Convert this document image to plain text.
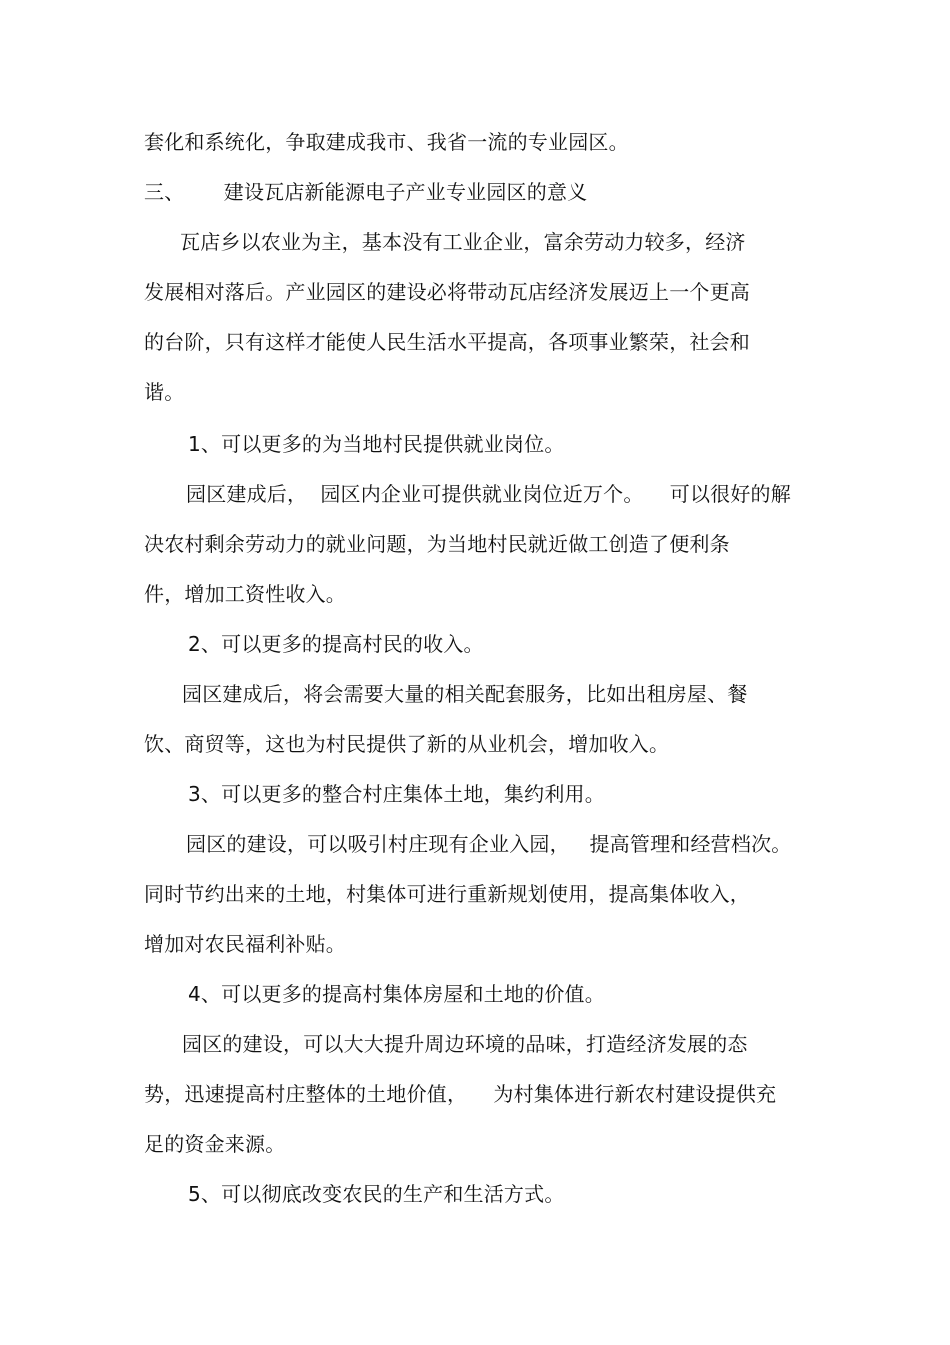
套化和系统化，争取建成我市、我省一流的专业园区。
三、      建设瓦店新能源电子产业专业园区的意义
瓦店乡以农业为主，基本没有工业企业，富余劳动力较多，经济
发展相对落后。产业园区的建设必将带动瓦店经济发展迈上一个更高
的台阶，只有这样才能使人民生活水平提高，各项事业繁荣，社会和
谐。
1、可以更多的为当地村民提供就业岗位。
园区建成后，  园区内企业可提供就业岗位近万个。    可以很好的解
决农村剩余劳动力的就业问题，为当地村民就近做工创造了便利条
件，增加工资性收入。
2、可以更多的提高村民的收入。
园区建成后，将会需要大量的相关配套服务，比如出租房屋、餐
饮、商贸等，这也为村民提供了新的从业机会，增加收入。
3、可以更多的整合村庄集体土地，集约利用。
园区的建设，可以吸引村庄现有企业入园，   提高管理和经营档次。
同时节约出来的土地，村集体可进行重新规划使用，提高集体收入，
增加对农民福利补贴。
4、可以更多的提高村集体房屋和土地的价值。
园区的建设，可以大大提升周边环境的品味，打造经济发展的态
势，迅速提高村庄整体的土地价值，    为村集体进行新农村建设提供充
足的资金来源。
5、可以彻底改变农民的生产和生活方式。
